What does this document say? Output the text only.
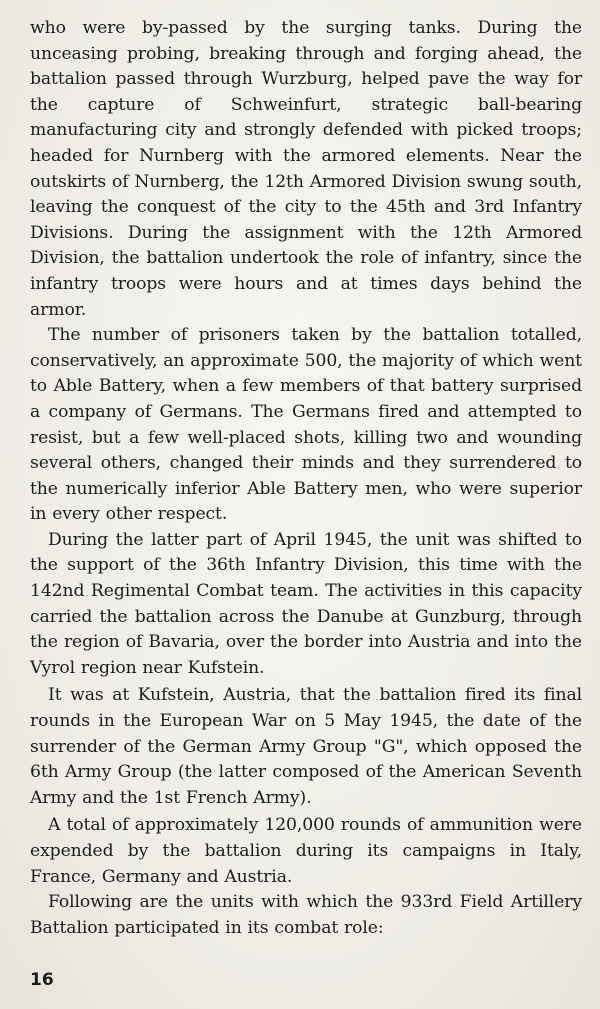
who were by-passed by the surging tanks. During the unceasing probing, breaking through and forging ahead, the battalion passed through Wurzburg, helped pave the way for the capture of Schweinfurt, strategic ball-bearing manufacturing city and strongly defended with picked troops; headed for Nurnberg with the armored elements. Near the outskirts of Nurnberg, the 12th Armored Division swung south, leaving the conquest of the city to the 45th and 3rd Infantry Divisions. During the assignment with the 12th Armored Division, the battalion undertook the role of infantry, since the infantry troops were hours and at times days behind the armor.

The number of prisoners taken by the battalion totalled, conservatively, an approximate 500, the majority of which went to Able Battery, when a few members of that battery surprised a company of Germans. The Germans fired and attempted to resist, but a few well-placed shots, killing two and wounding several others, changed their minds and they surrendered to the numerically inferior Able Battery men, who were superior in every other respect.

During the latter part of April 1945, the unit was shifted to the support of the 36th Infantry Division, this time with the 142nd Regimental Combat team. The activities in this capacity carried the battalion across the Danube at Gunzburg, through the region of Bavaria, over the border into Austria and into the Vyrol region near Kufstein.

It was at Kufstein, Austria, that the battalion fired its final rounds in the European War on 5 May 1945, the date of the surrender of the German Army Group "G", which opposed the 6th Army Group (the latter composed of the American Seventh Army and the 1st French Army).

A total of approximately 120,000 rounds of ammunition were expended by the battalion during its campaigns in Italy, France, Germany and Austria.

Following are the units with which the 933rd Field Artillery Battalion participated in its combat role:

16
